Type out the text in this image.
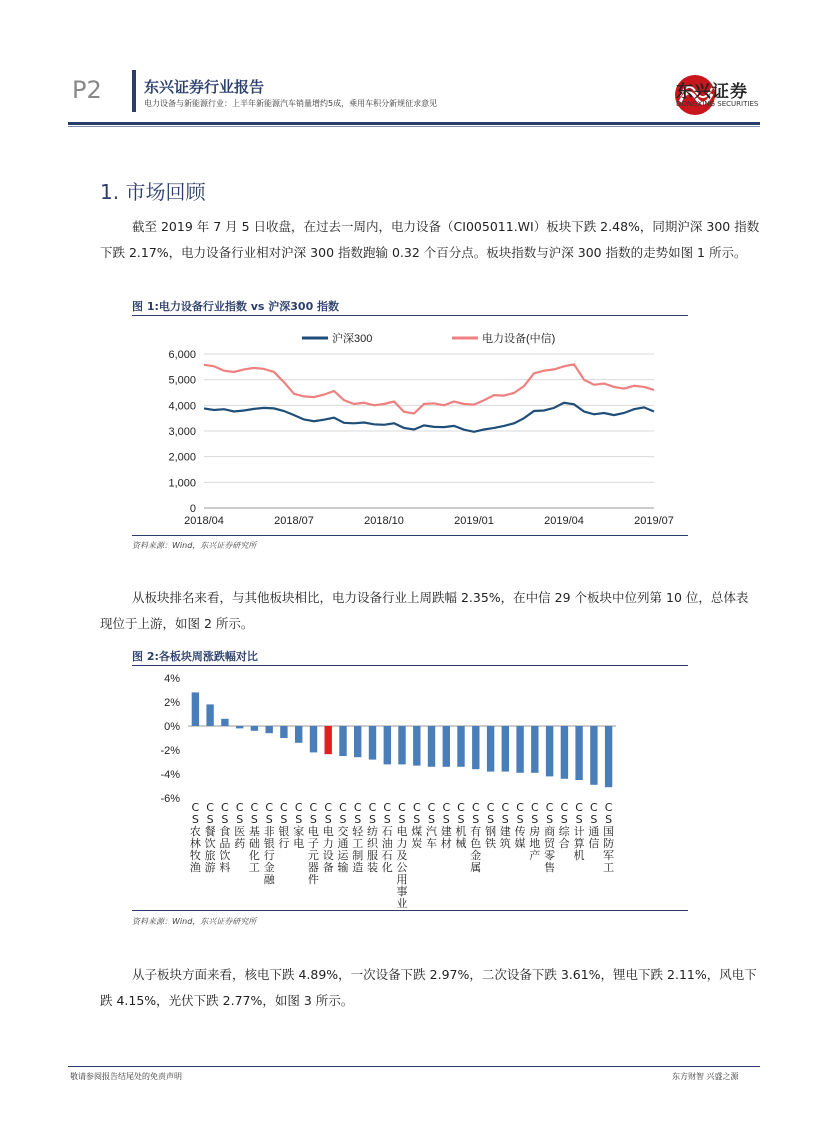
P2	东兴证券行业报告
电力设备与新能源行业：上半年新能源汽车销量增约5成，乘用车积分新规征求意见
东兴证券
DONGXING SECURITIES
1. 市场回顾
截至 2019 年 7 月 5 日收盘，在过去一周内，电力设备（CI005011.WI）板块下跌 2.48%，同期沪深 300 指数下跌 2.17%，电力设备行业相对沪深 300 指数跑输 0.32 个百分点。板块指数与沪深 300 指数的走势如图 1 所示。
图 1:电力设备行业指数 vs 沪深300 指数
0
1,000
2,000
3,000
4,000
5,000
6,000
2018/04	2018/07	2018/10	2019/01	2019/04	2019/07
沪深300	电力设备(中信)
资料来源：Wind，东兴证券研究所
从板块排名来看，与其他板块相比，电力设备行业上周跌幅 2.35%，在中信 29 个板块中位列第 10 位，总体表现位于上游，如图 2 所示。
图 2:各板块周涨跌幅对比
4%
2%
0%
-2%
-4%
-6%
CS农林牧渔
CS餐饮旅游
CS食品饮料
CS医药
CS基础化工
CS非银行金融
CS银行
CS家电
CS电子元器件
CS电力设备
CS交通运输
CS轻工制造
CS纺织服装
CS石油石化
CS电力及公用事业
CS煤炭
CS汽车
CS建材
CS机械
CS有色金属
CS钢铁
CS建筑
CS传媒
CS房地产
CS商贸零售
CS综合
CS计算机
CS通信
CS国防军工
资料来源：Wind，东兴证券研究所
从子板块方面来看，核电下跌 4.89%，一次设备下跌 2.97%，二次设备下跌 3.61%，锂电下跌 2.11%，风电下跌 4.15%，光伏下跌 2.77%，如图 3 所示。
敬请参阅报告结尾处的免责声明	东方财智 兴盛之源
